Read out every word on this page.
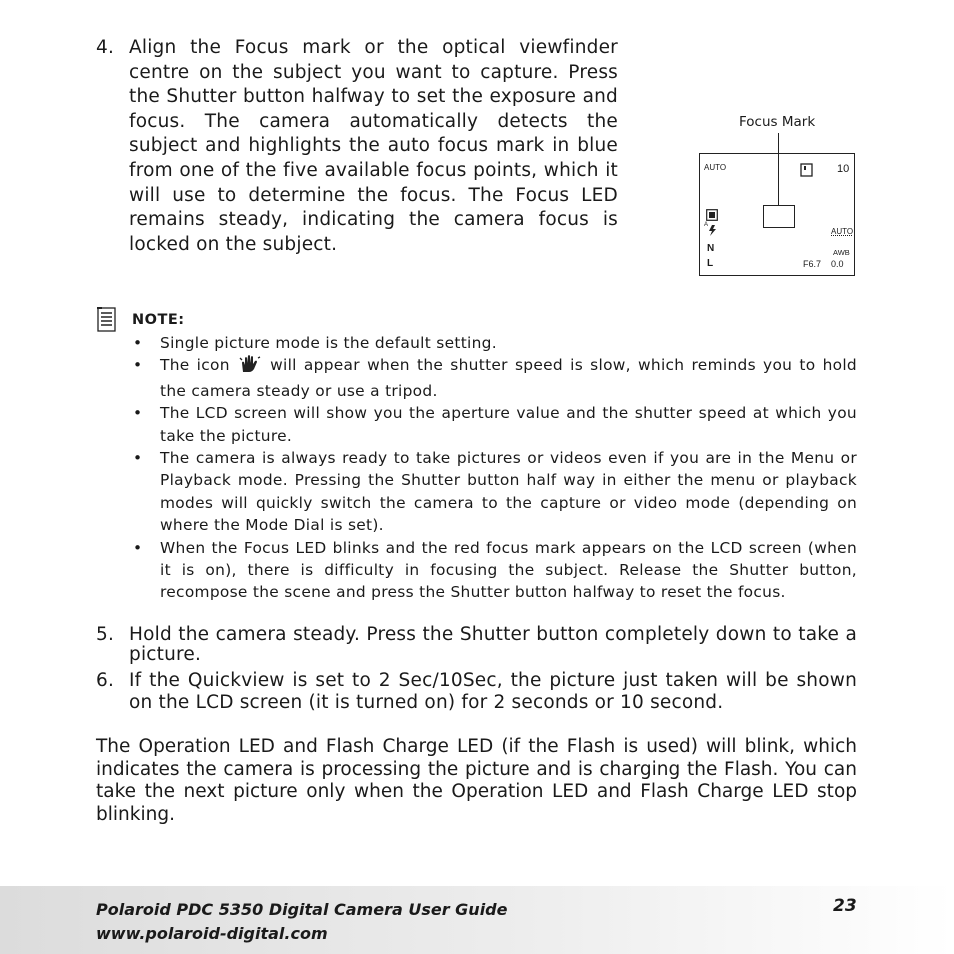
4. Align the Focus mark or the optical viewfinder centre on the subject you want to capture. Press the Shutter button halfway to set the exposure and focus. The camera automatically detects the subject and highlights the auto focus mark in blue from one of the five available focus points, which it will use to determine the focus. The Focus LED remains steady, indicating the camera focus is locked on the subject.
Focus Mark
AUTO	10
A
N
L
AUTO
AWB
F6.7 0.0
NOTE:
• Single picture mode is the default setting.
• The icon	will appear when the shutter speed is slow, which reminds you to hold the camera steady or use a tripod.
• The LCD screen will show you the aperture value and the shutter speed at which you take the picture.
• The camera is always ready to take pictures or videos even if you are in the Menu or Playback mode. Pressing the Shutter button half way in either the menu or playback modes will quickly switch the camera to the capture or video mode (depending on where the Mode Dial is set).
• When the Focus LED blinks and the red focus mark appears on the LCD screen (when it is on), there is difficulty in focusing the subject. Release the Shutter button, recompose the scene and press the Shutter button halfway to reset the focus.
5. Hold the camera steady. Press the Shutter button completely down to take a picture.
6. If the Quickview is set to 2 Sec/10Sec, the picture just taken will be shown on the LCD screen (it is turned on) for 2 seconds or 10 second.
The Operation LED and Flash Charge LED (if the Flash is used) will blink, which indicates the camera is processing the picture and is charging the Flash. You can take the next picture only when the Operation LED and Flash Charge LED stop blinking.
Polaroid PDC 5350 Digital Camera User Guide
www.polaroid-digital.com
23
